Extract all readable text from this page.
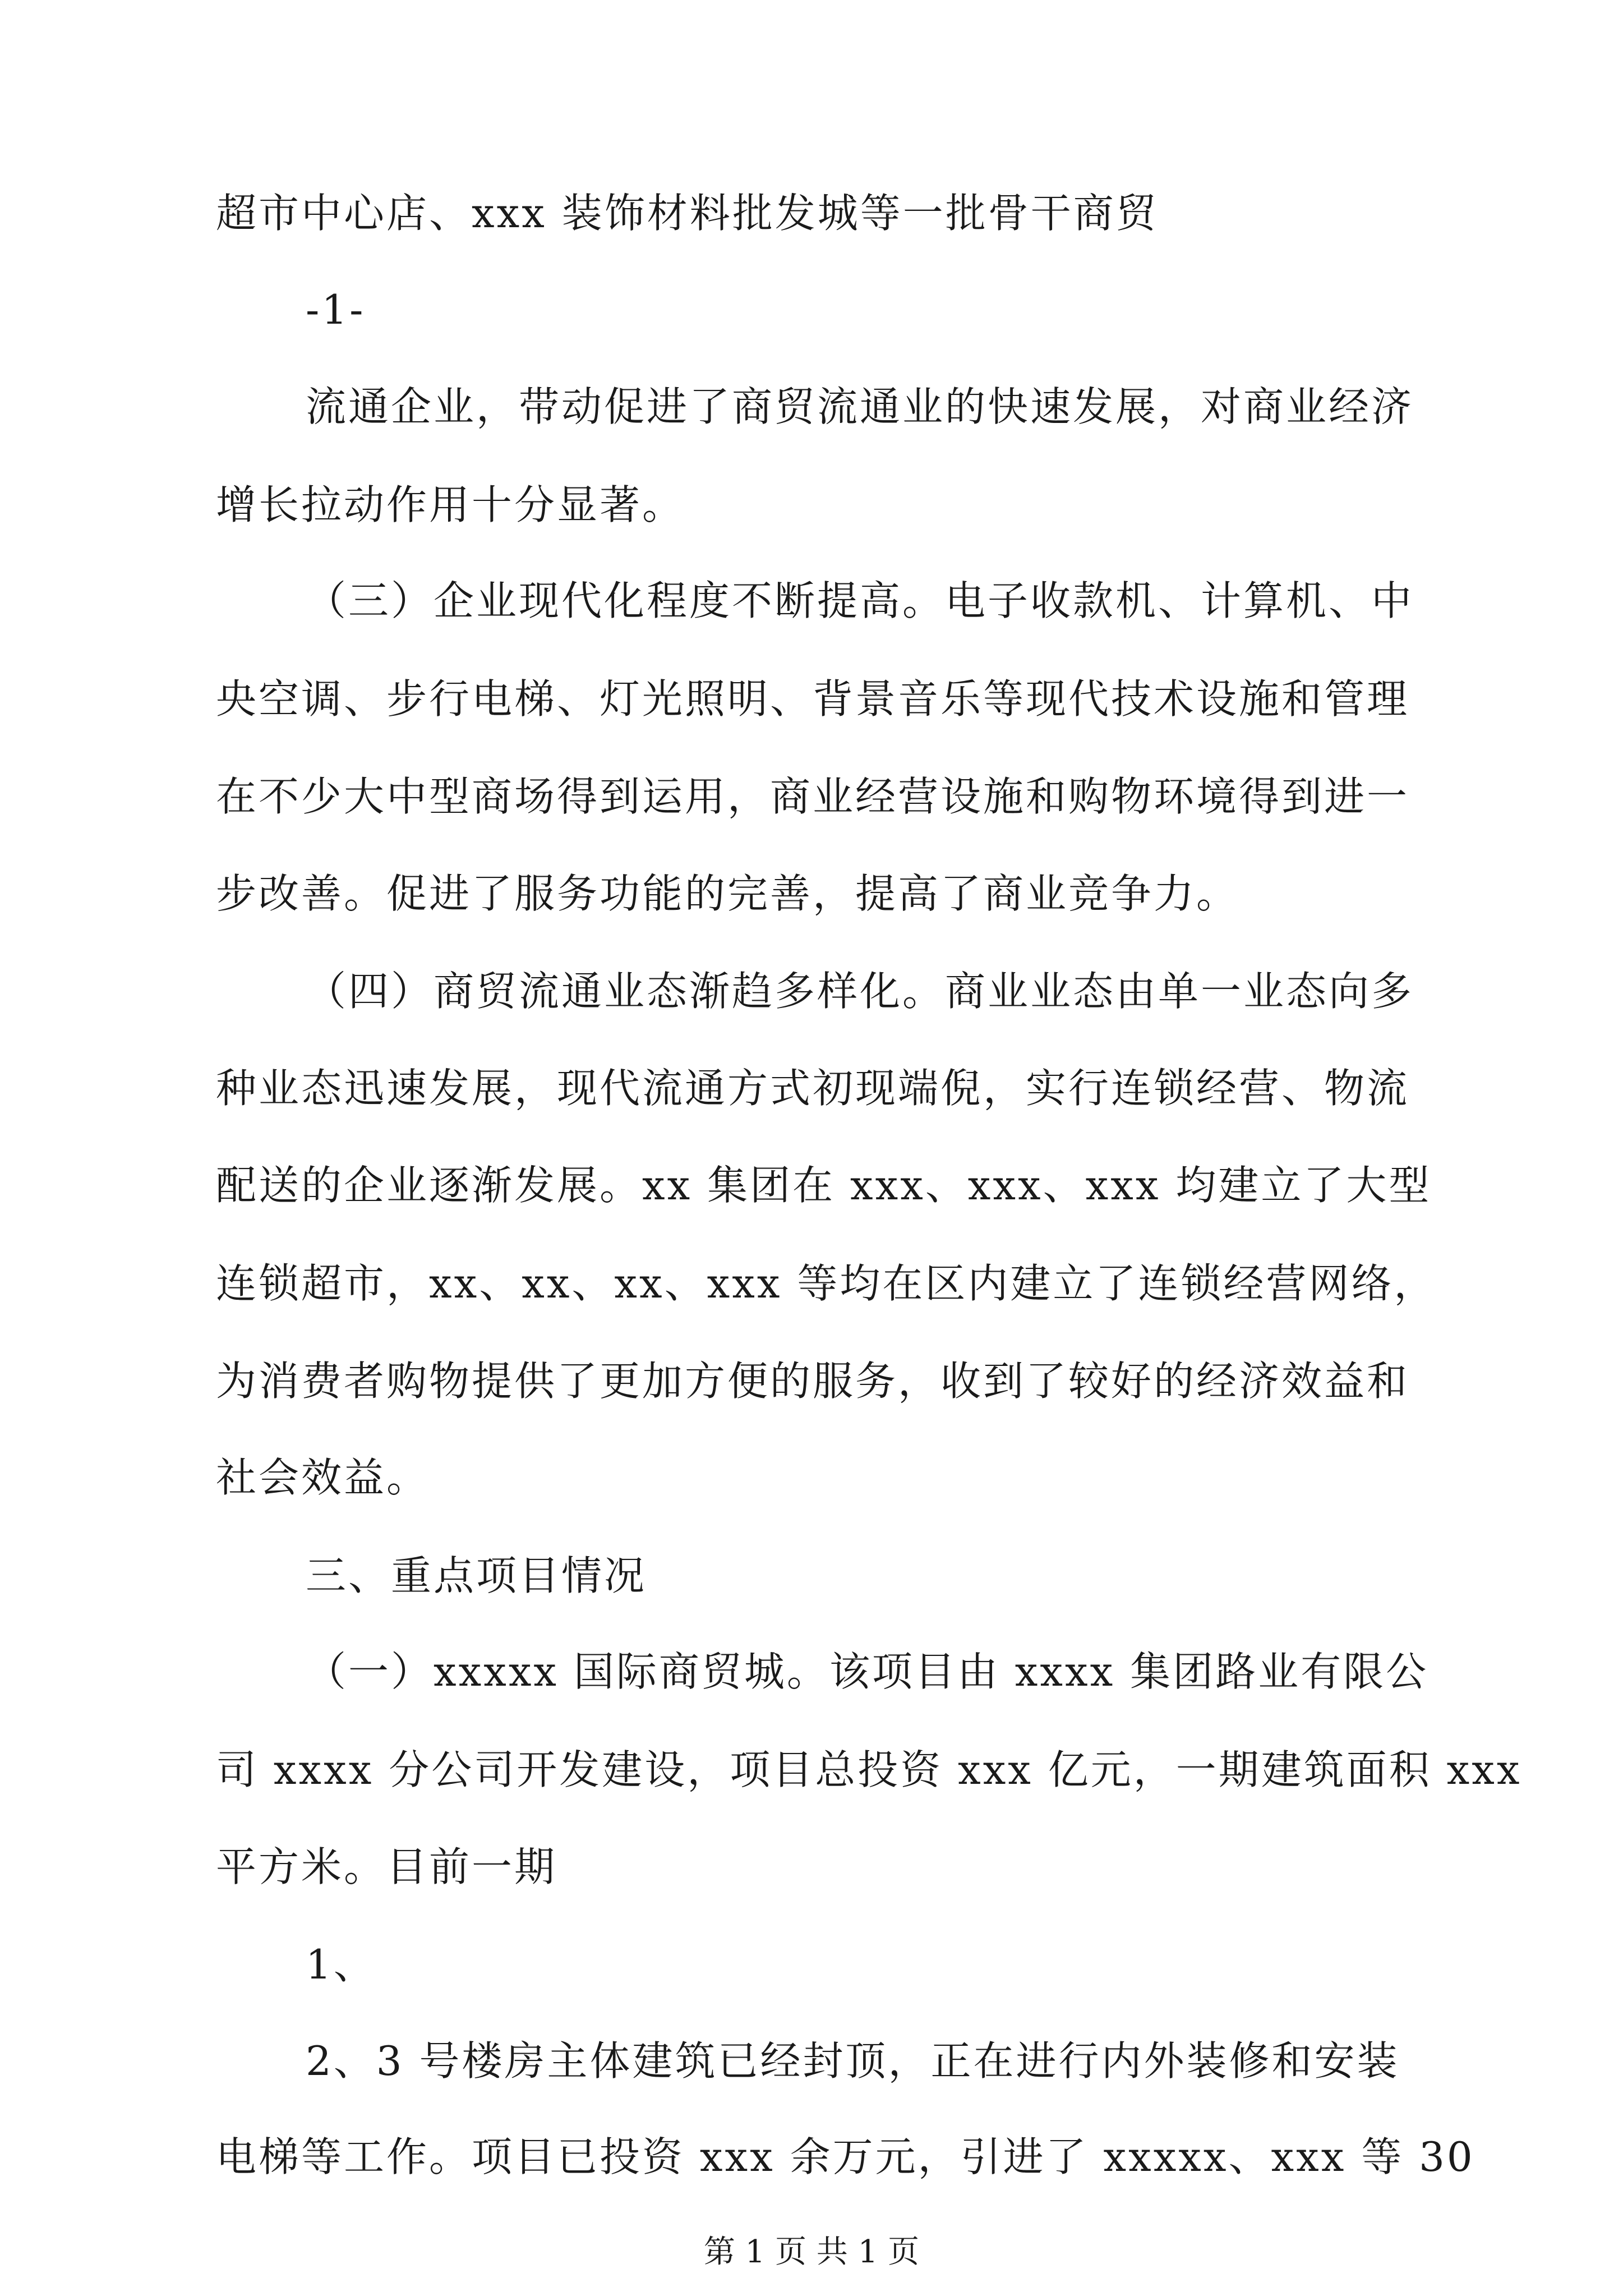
超市中心店、xxx 装饰材料批发城等一批骨干商贸
-1-
流通企业，带动促进了商贸流通业的快速发展，对商业经济
增长拉动作用十分显著。
（三）企业现代化程度不断提高。电子收款机、计算机、中
央空调、步行电梯、灯光照明、背景音乐等现代技术设施和管理
在不少大中型商场得到运用，商业经营设施和购物环境得到进一
步改善。促进了服务功能的完善，提高了商业竞争力。
（四）商贸流通业态渐趋多样化。商业业态由单一业态向多
种业态迅速发展，现代流通方式初现端倪，实行连锁经营、物流
配送的企业逐渐发展。xx 集团在 xxx、xxx、xxx 均建立了大型
连锁超市，xx、xx、xx、xxx 等均在区内建立了连锁经营网络，
为消费者购物提供了更加方便的服务，收到了较好的经济效益和
社会效益。
三、重点项目情况
（一）xxxxx 国际商贸城。该项目由 xxxx 集团路业有限公
司 xxxx 分公司开发建设，项目总投资 xxx 亿元，一期建筑面积 xxx
平方米。目前一期
1、
2、3 号楼房主体建筑已经封顶，正在进行内外装修和安装
电梯等工作。项目已投资 xxx 余万元，引进了 xxxxx、xxx 等 30
第 1 页 共 1 页
